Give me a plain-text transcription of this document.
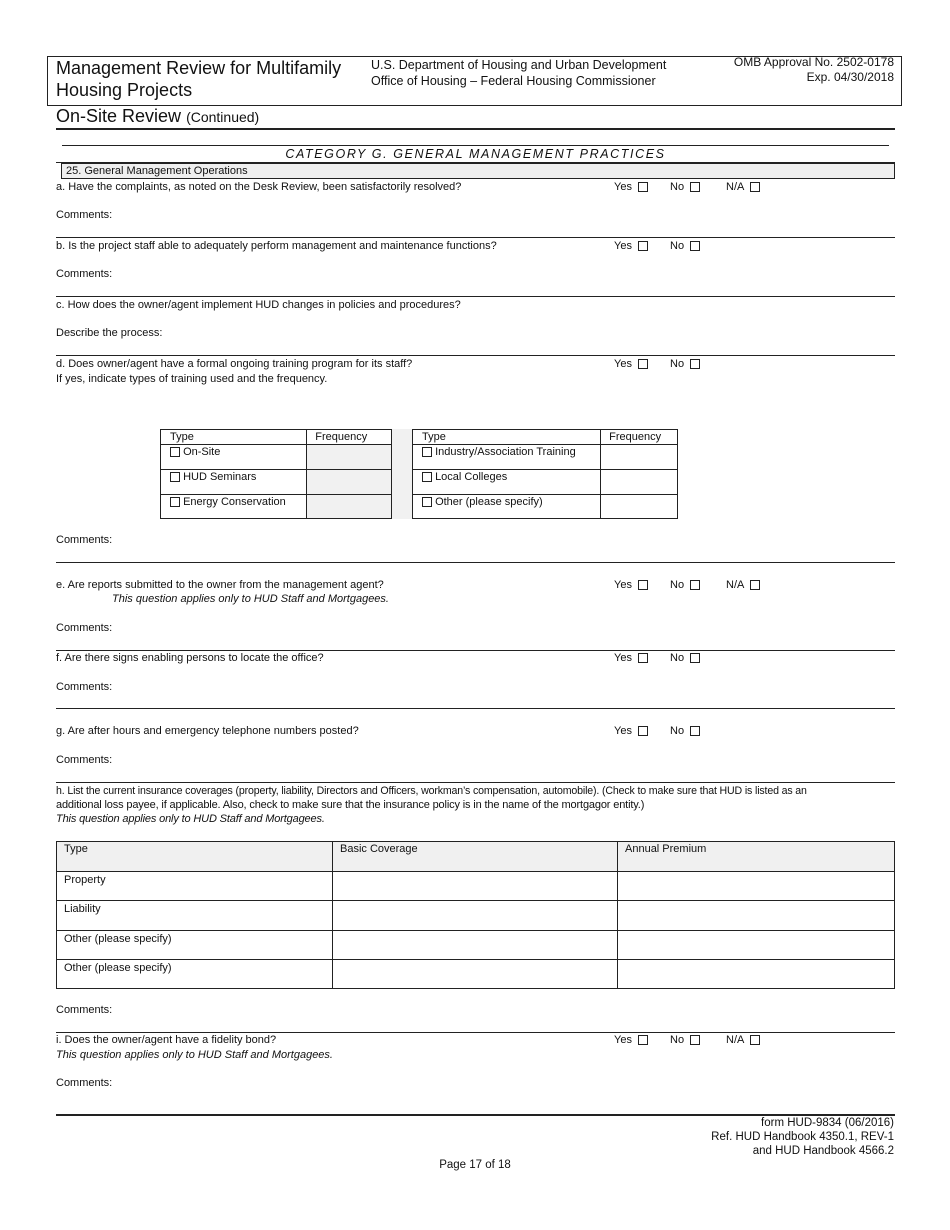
Management Review for Multifamily
Housing Projects
U.S. Department of Housing and Urban Development
Office of Housing – Federal Housing Commissioner
OMB Approval No. 2502-0178
Exp. 04/30/2018
On-Site Review (Continued)
CATEGORY G. GENERAL MANAGEMENT PRACTICES
25. General Management Operations
a. Have the complaints, as noted on the Desk Review, been satisfactorily resolved?	Yes	No	N/A
Comments:
b. Is the project staff able to adequately perform management and maintenance functions?	Yes	No
Comments:
c. How does the owner/agent implement HUD changes in policies and procedures?
Describe the process:
d. Does owner/agent have a formal ongoing training program for its staff?
If yes, indicate types of training used and the frequency.
Yes	No
Type	Frequency
On-Site	
HUD Seminars	
Energy Conservation	
Type	Frequency
Industry/Association Training	
Local Colleges	
Other (please specify)	
Comments:
e. Are reports submitted to the owner from the management agent?
This question applies only to HUD Staff and Mortgagees.
Yes	No	N/A
Comments:
f. Are there signs enabling persons to locate the office?	Yes	No
Comments:
g. Are after hours and emergency telephone numbers posted?	Yes	No
Comments:
h. List the current insurance coverages (property, liability, Directors and Officers, workman’s compensation, automobile). (Check to make sure that HUD is listed as an
additional loss payee, if applicable. Also, check to make sure that the insurance policy is in the name of the mortgagor entity.)
This question applies only to HUD Staff and Mortgagees.
Type	Basic Coverage	Annual Premium
Property		
Liability		
Other (please specify)		
Other (please specify)		
Comments:
i. Does the owner/agent have a fidelity bond?
This question applies only to HUD Staff and Mortgagees.
Yes	No	N/A
Comments:
form HUD-9834 (06/2016)
Ref. HUD Handbook 4350.1, REV-1
and HUD Handbook 4566.2
Page 17 of 18
